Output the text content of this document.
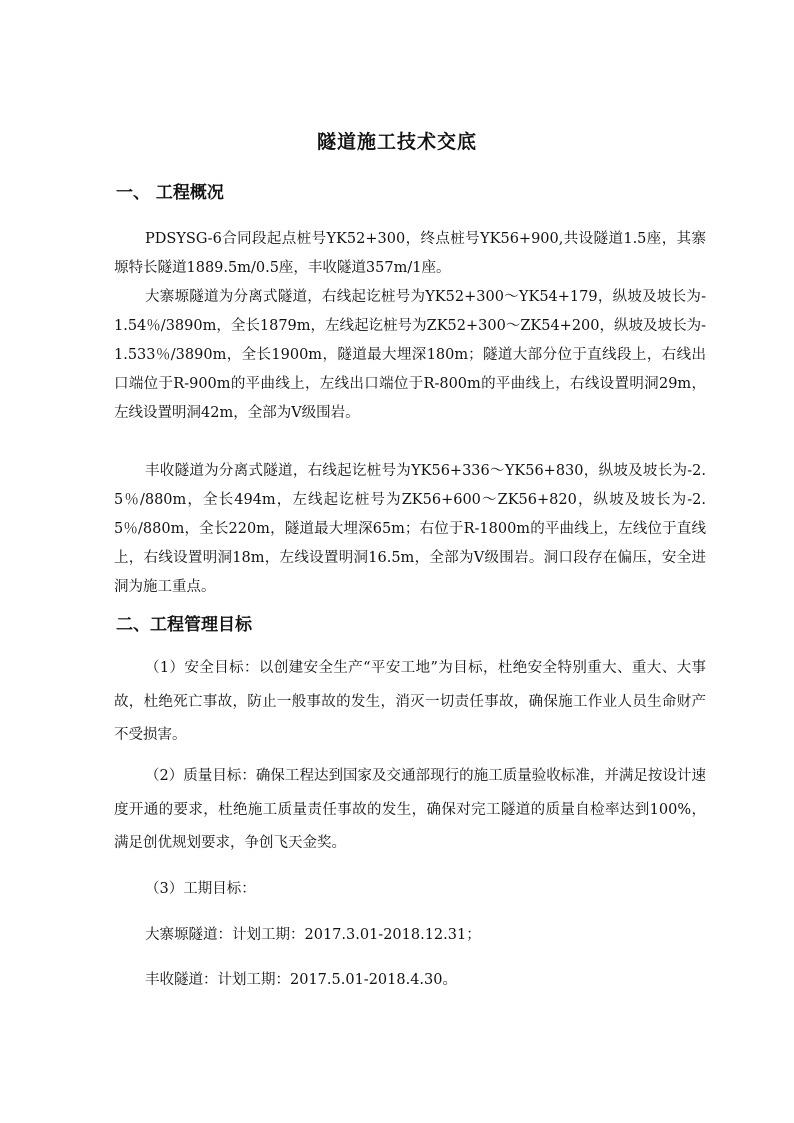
隧道施工技术交底
一、 工程概况

PDSYSG-6合同段起点桩号YK52+300，终点桩号YK56+900,共设隧道1.5座，其寨塬特长隧道1889.5m/0.5座，丰收隧道357m/1座。

大寨塬隧道为分离式隧道，右线起讫桩号为YK52+300～YK54+179，纵坡及坡长为-1.54％/3890m，全长1879m，左线起讫桩号为ZK52+300～ZK54+200，纵坡及坡长为-1.533％/3890m，全长1900m，隧道最大埋深180m；隧道大部分位于直线段上，右线出口端位于R-900m的平曲线上，左线出口端位于R-800m的平曲线上，右线设置明洞29m，左线设置明洞42m，全部为Ⅴ级围岩。

丰收隧道为分离式隧道，右线起讫桩号为YK56+336～YK56+830，纵坡及坡长为-2.5％/880m，全长494m，左线起讫桩号为ZK56+600～ZK56+820，纵坡及坡长为-2.5％/880m，全长220m，隧道最大埋深65m；右位于R-1800m的平曲线上，左线位于直线上，右线设置明洞18m，左线设置明洞16.5m，全部为Ⅴ级围岩。洞口段存在偏压，安全进洞为施工重点。

二、工程管理目标

（1）安全目标：以创建安全生产“平安工地”为目标，杜绝安全特别重大、重大、大事故，杜绝死亡事故，防止一般事故的发生，消灭一切责任事故，确保施工作业人员生命财产不受损害。

（2）质量目标：确保工程达到国家及交通部现行的施工质量验收标准，并满足按设计速度开通的要求，杜绝施工质量责任事故的发生，确保对完工隧道的质量自检率达到100%，满足创优规划要求，争创飞天金奖。

（3）工期目标：
大寨塬隧道：计划工期：2017.3.01-2018.12.31；
丰收隧道：计划工期：2017.5.01-2018.4.30。
